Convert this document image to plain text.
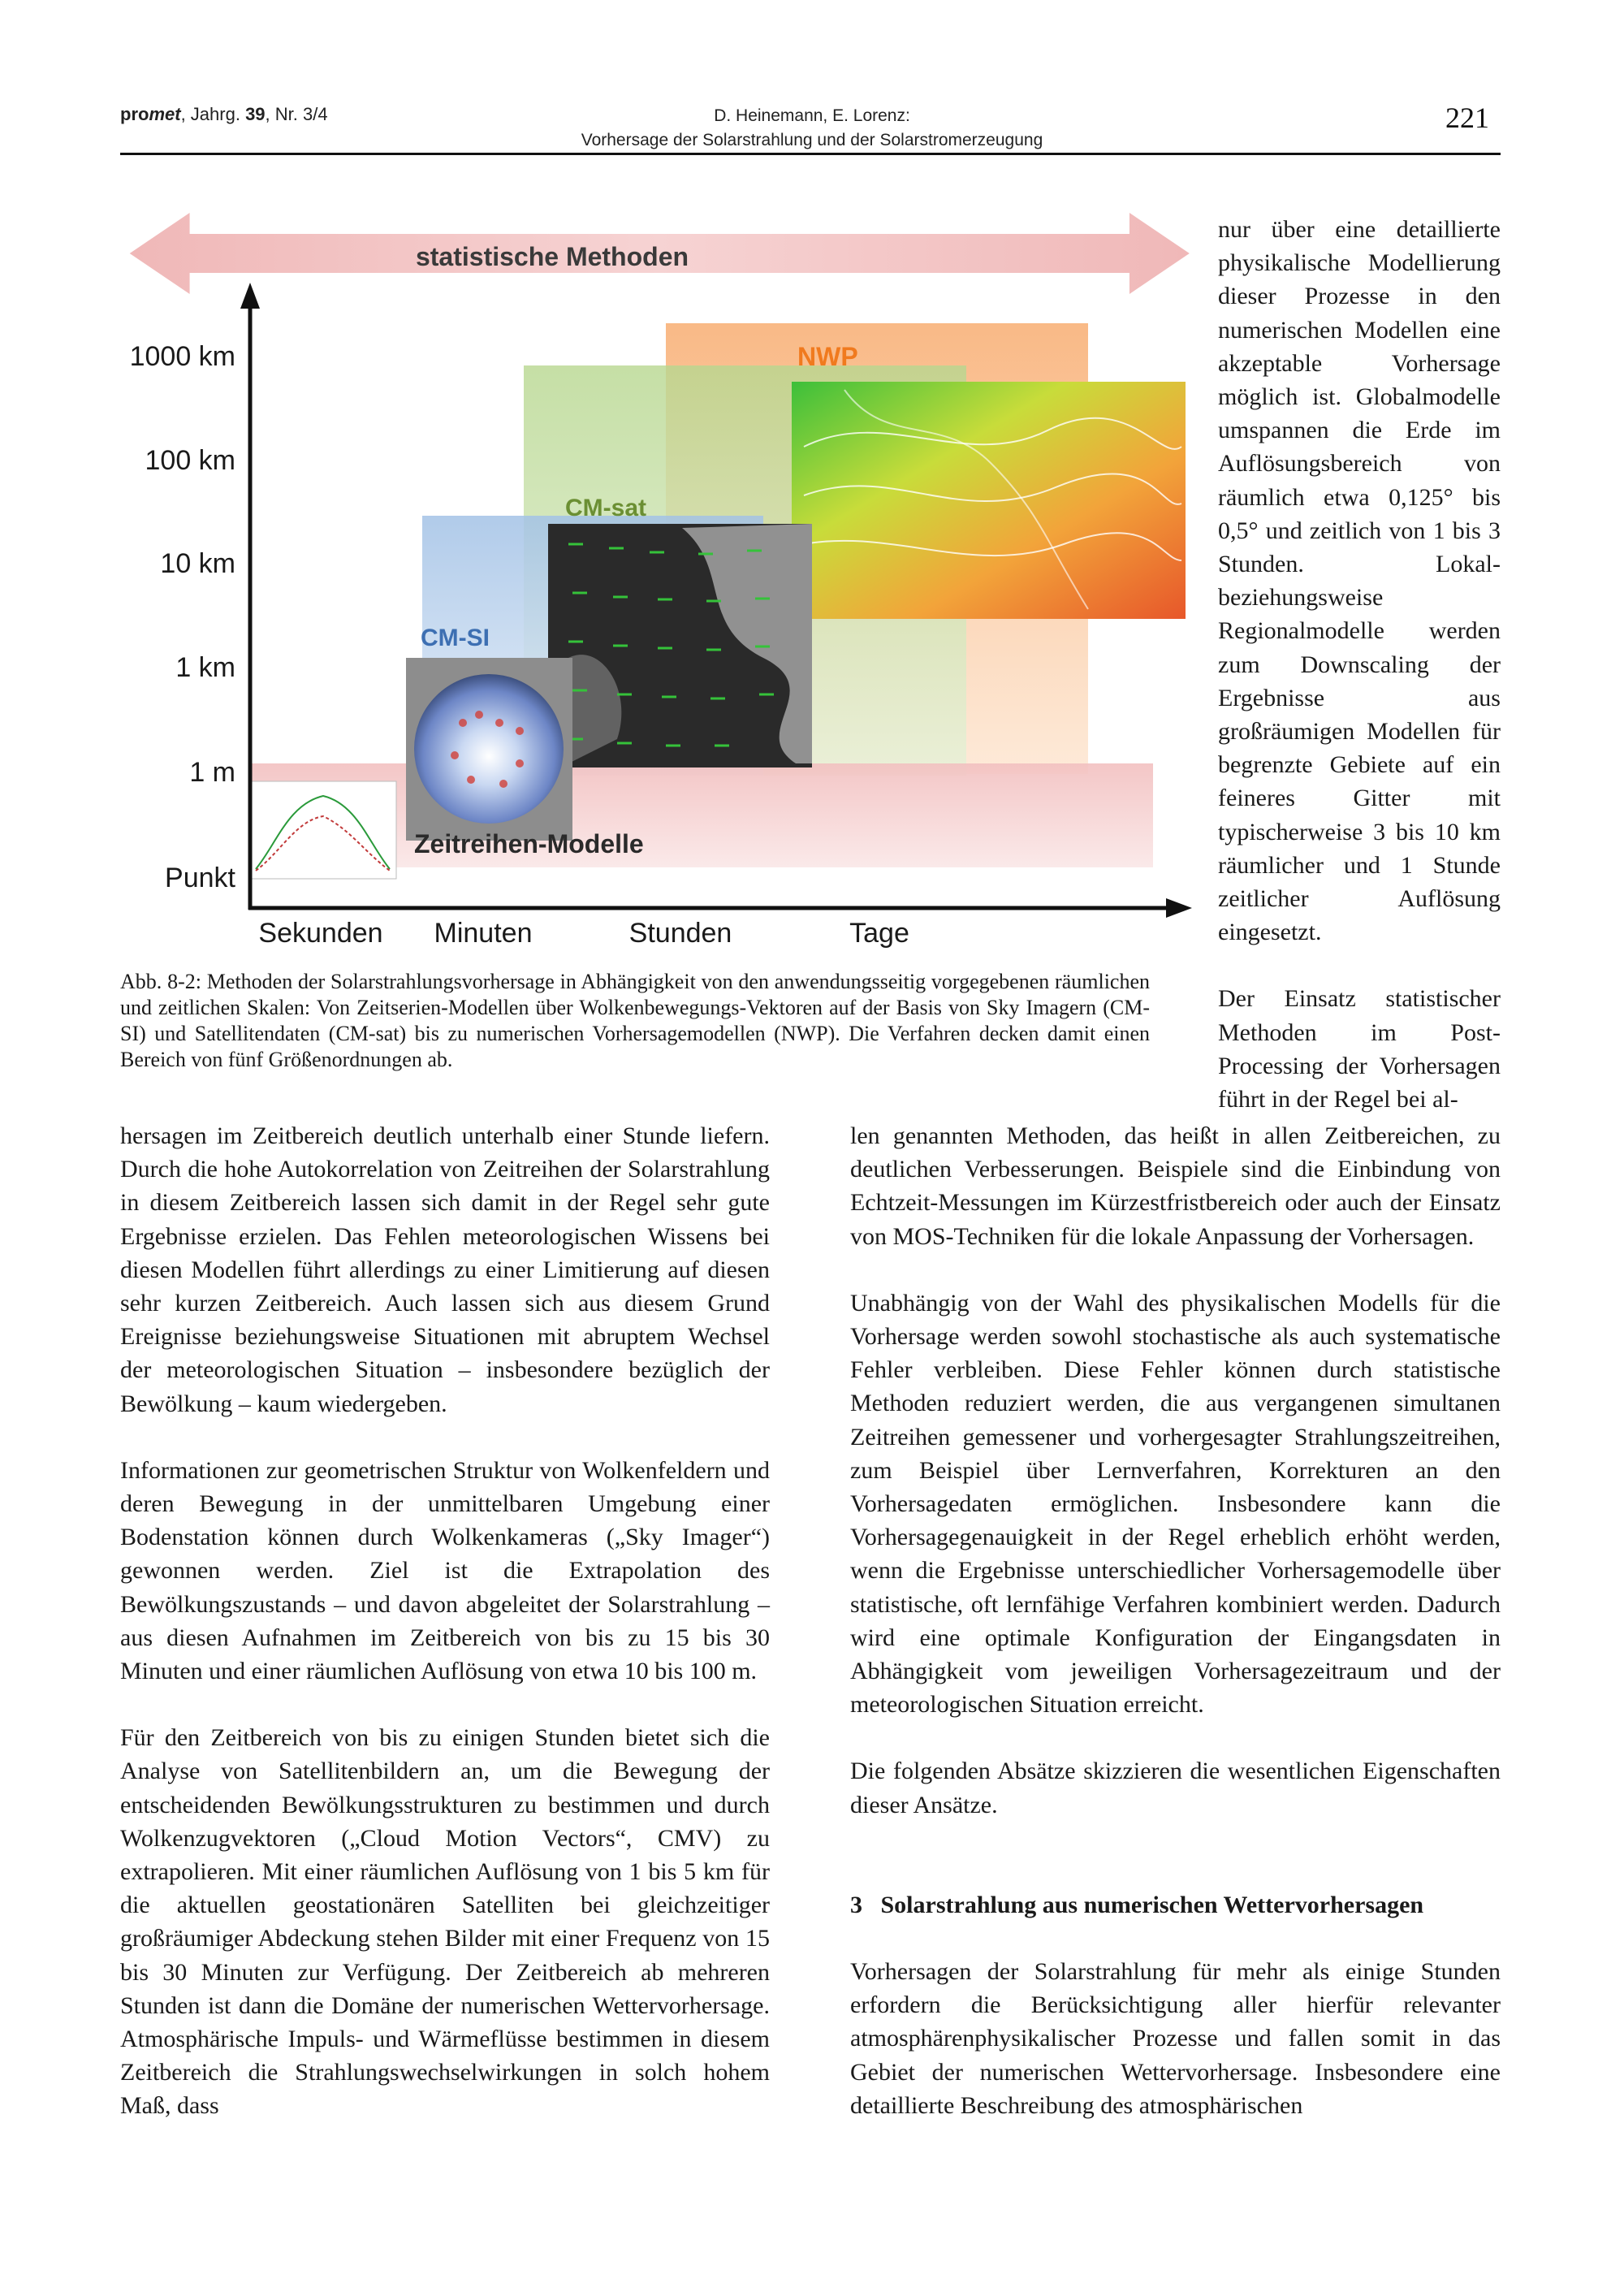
promet, Jahrg. 39, Nr. 3/4	D. Heinemann, E. Lorenz:
Vorhersage der Solarstrahlung und der Solarstromerzeugung
221
statistische Methoden
NWP
CM-sat
CM-SI
Zeitreihen-Modelle
1000 km
100 km
10 km
1 km
1 m
Punkt
Sekunden Minuten	Stunden	Tage
Abb. 8-2: Methoden der Solarstrahlungsvorhersage in Abhängigkeit von den anwendungsseitig vorgegebenen räumlichen und zeitlichen Skalen: Von Zeitserien-Modellen über Wolkenbewegungs-Vektoren auf der Basis von Sky Imagern (CM-SI) und Satellitendaten (CM-sat) bis zu numerischen Vorhersagemodellen (NWP). Die Verfahren decken damit einen Bereich von fünf Größenordnungen ab.

nur über eine detaillierte physikalische Modellierung dieser Prozesse in den numerischen Modellen eine akzeptable Vorhersage möglich ist. Globalmodelle umspannen die Erde im Auflösungsbereich von räumlich etwa 0,125° bis 0,5° und zeitlich von 1 bis 3 Stunden. Lokal- beziehungsweise Regionalmodelle werden zum Downscaling der Ergebnisse aus großräumigen Modellen für begrenzte Gebiete auf ein feineres Gitter mit typischerweise 3 bis 10 km räumlicher und 1 Stunde zeitlicher Auflösung eingesetzt.

Der Einsatz statistischer Methoden im Post-Processing der Vorhersagen führt in der Regel bei al-

hersagen im Zeitbereich deutlich unterhalb einer Stunde liefern. Durch die hohe Autokorrelation von Zeitreihen der Solarstrahlung in diesem Zeitbereich lassen sich damit in der Regel sehr gute Ergebnisse erzielen. Das Fehlen meteorologischen Wissens bei diesen Modellen führt allerdings zu einer Limitierung auf diesen sehr kurzen Zeitbereich. Auch lassen sich aus diesem Grund Ereignisse beziehungsweise Situationen mit abruptem Wechsel der meteorologischen Situation – insbesondere bezüglich der Bewölkung – kaum wiedergeben.

Informationen zur geometrischen Struktur von Wolkenfeldern und deren Bewegung in der unmittelbaren Umgebung einer Bodenstation können durch Wolkenkameras („Sky Imager“) gewonnen werden. Ziel ist die Extrapolation des Bewölkungszustands – und davon abgeleitet der Solarstrahlung – aus diesen Aufnahmen im Zeitbereich von bis zu 15 bis 30 Minuten und einer räumlichen Auflösung von etwa 10 bis 100 m.

Für den Zeitbereich von bis zu einigen Stunden bietet sich die Analyse von Satellitenbildern an, um die Bewegung der entscheidenden Bewölkungsstrukturen zu bestimmen und durch Wolkenzugvektoren („Cloud Motion Vectors“, CMV) zu extrapolieren. Mit einer räumlichen Auflösung von 1 bis 5 km für die aktuellen geostationären Satelliten bei gleichzeitiger großräumiger Abdeckung stehen Bilder mit einer Frequenz von 15 bis 30 Minuten zur Verfügung. Der Zeitbereich ab mehreren Stunden ist dann die Domäne der numerischen Wettervorhersage. Atmosphärische Impuls- und Wärmeflüsse bestimmen in diesem Zeitbereich die Strahlungswechselwirkungen in solch hohem Maß, dass

len genannten Methoden, das heißt in allen Zeitbereichen, zu deutlichen Verbesserungen. Beispiele sind die Einbindung von Echtzeit-Messungen im Kürzestfristbereich oder auch der Einsatz von MOS-Techniken für die lokale Anpassung der Vorhersagen.

Unabhängig von der Wahl des physikalischen Modells für die Vorhersage werden sowohl stochastische als auch systematische Fehler verbleiben. Diese Fehler können durch statistische Methoden reduziert werden, die aus vergangenen simultanen Zeitreihen gemessener und vorhergesagter Strahlungszeitreihen, zum Beispiel über Lernverfahren, Korrekturen an den Vorhersagedaten ermöglichen. Insbesondere kann die Vorhersagegenauigkeit in der Regel erheblich erhöht werden, wenn die Ergebnisse unterschiedlicher Vorhersagemodelle über statistische, oft lernfähige Verfahren kombiniert werden. Dadurch wird eine optimale Konfiguration der Eingangsdaten in Abhängigkeit vom jeweiligen Vorhersagezeitraum und der meteorologischen Situation erreicht.

Die folgenden Absätze skizzieren die wesentlichen Eigenschaften dieser Ansätze.

3 Solarstrahlung aus numerischen Wettervorhersagen

Vorhersagen der Solarstrahlung für mehr als einige Stunden erfordern die Berücksichtigung aller hierfür relevanter atmosphärenphysikalischer Prozesse und fallen somit in das Gebiet der numerischen Wettervorhersage. Insbesondere eine detaillierte Beschreibung des atmosphärischen
